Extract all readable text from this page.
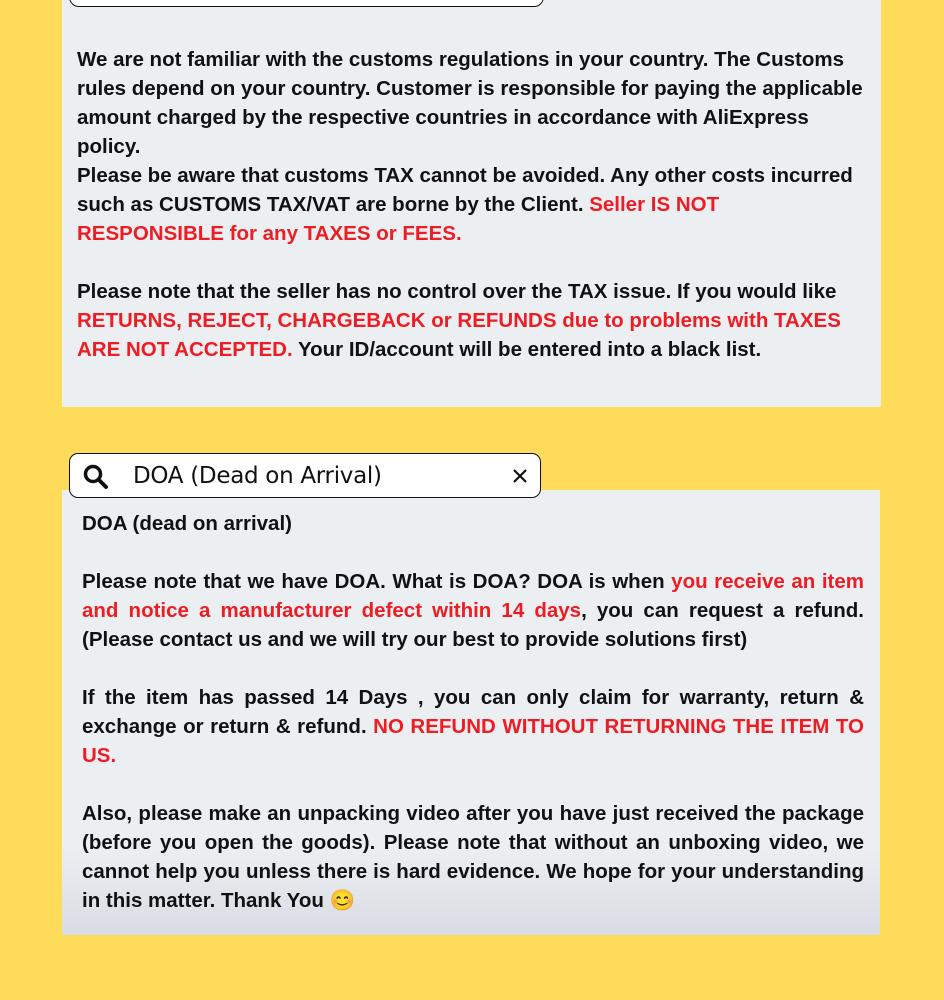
We are not familiar with the customs regulations in your country. The Customs rules depend on your country. Customer is responsible for paying the applicable amount charged by the respective countries in accordance with AliExpress policy.

Please be aware that customs TAX cannot be avoided. Any other costs incurred such as CUSTOMS TAX/VAT are borne by the Client. Seller IS NOT RESPONSIBLE for any TAXES or FEES.

Please note that the seller has no control over the TAX issue. If you would like RETURNS, REJECT, CHARGEBACK or REFUNDS due to problems with TAXES ARE NOT ACCEPTED. Your ID/account will be entered into a black list.

DOA (Dead on Arrival)

DOA (dead on arrival)

Please note that we have DOA. What is DOA? DOA is when you receive an item and notice a manufacturer defect within 14 days, you can request a refund. (Please contact us and we will try our best to provide solutions first)

If the item has passed 14 Days , you can only claim for warranty, return & exchange or return & refund. NO REFUND WITHOUT RETURNING THE ITEM TO US.

Also, please make an unpacking video after you have just received the package (before you open the goods). Please note that without an unboxing video, we cannot help you unless there is hard evidence. We hope for your understanding in this matter. Thank You 😊
